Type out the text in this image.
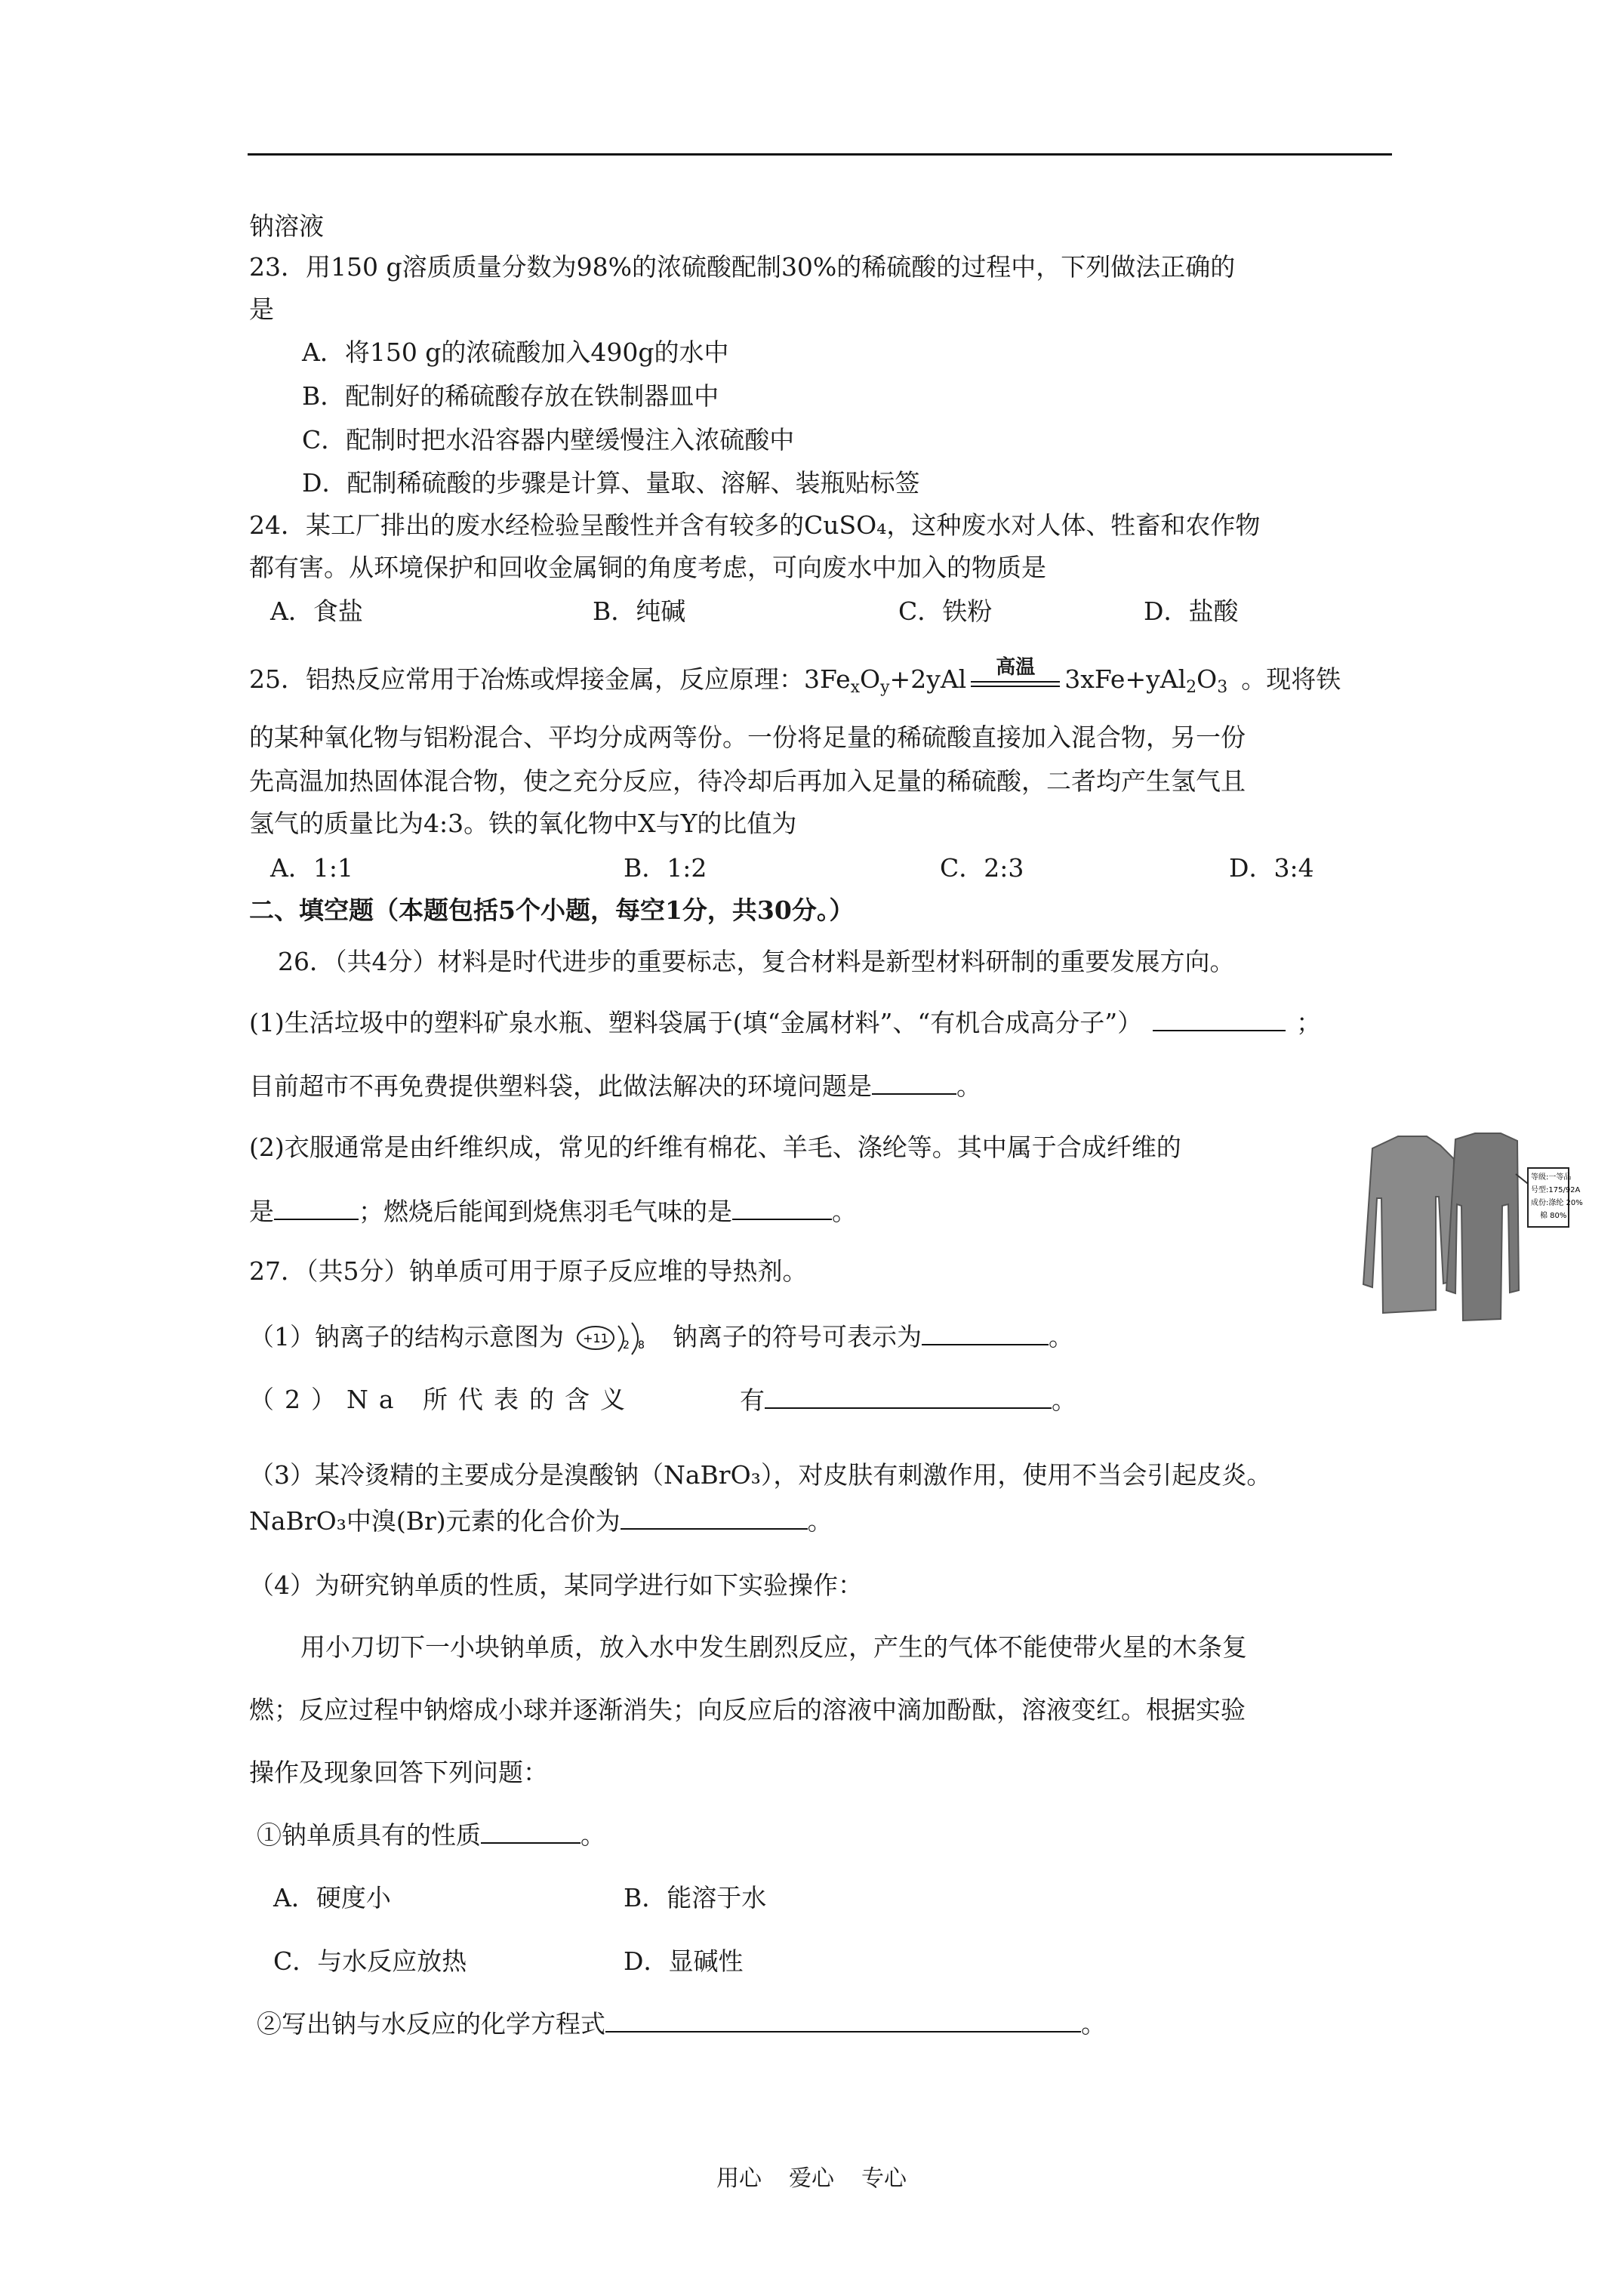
钠溶液
23．用150 g溶质质量分数为98%的浓硫酸配制30%的稀硫酸的过程中，下列做法正确的
是
A．将150 g的浓硫酸加入490g的水中
B．配制好的稀硫酸存放在铁制器皿中
C．配制时把水沿容器内壁缓慢注入浓硫酸中
D．配制稀硫酸的步骤是计算、量取、溶解、装瓶贴标签
24．某工厂排出的废水经检验呈酸性并含有较多的CuSO₄，这种废水对人体、牲畜和农作物
都有害。从环境保护和回收金属铜的角度考虑，可向废水中加入的物质是
A．食盐	B．纯碱	C．铁粉	D．盐酸
25．铝热反应常用于冶炼或焊接金属，反应原理：$3Fe_xO_y+2yAl$	高温	$3xFe+yAl_2O_3$ 。现将铁
的某种氧化物与铝粉混合、平均分成两等份。一份将足量的稀硫酸直接加入混合物，另一份
先高温加热固体混合物，使之充分反应，待冷却后再加入足量的稀硫酸，二者均产生氢气且
氢气的质量比为4:3。铁的氧化物中X与Y的比值为
A．1:1	B．1:2	C．2:3	D．3:4
二、填空题（本题包括5个小题，每空1分，共30分。）
26．（共4分）材料是时代进步的重要标志，复合材料是新型材料研制的重要发展方向。
(1)生活垃圾中的塑料矿泉水瓶、塑料袋属于(填“金属材料”、“有机合成高分子”）	；
目前超市不再免费提供塑料袋，此做法解决的环境问题是	。
(2)衣服通常是由纤维织成，常见的纤维有棉花、羊毛、涤纶等。其中属于合成纤维的
是	；燃烧后能闻到烧焦羽毛气味的是	。
等级:一等品
号型:175/92A
成份:涤纶 20%
棉 80%
27．（共5分）钠单质可用于原子反应堆的导热剂。
（1）钠离子的结构示意图为 +11 2 8 钠离子的符号可表示为	。
（2）Na 所代表的含义	有	。
（3）某冷烫精的主要成分是溴酸钠（NaBrO₃），对皮肤有刺激作用，使用不当会引起皮炎。
NaBrO₃中溴(Br)元素的化合价为	。
（4）为研究钠单质的性质，某同学进行如下实验操作：
用小刀切下一小块钠单质，放入水中发生剧烈反应，产生的气体不能使带火星的木条复
燃；反应过程中钠熔成小球并逐渐消失；向反应后的溶液中滴加酚酞，溶液变红。根据实验
操作及现象回答下列问题：
①钠单质具有的性质	。
A．硬度小	B．能溶于水
C．与水反应放热	D．显碱性
②写出钠与水反应的化学方程式	。
用心 爱心 专心
